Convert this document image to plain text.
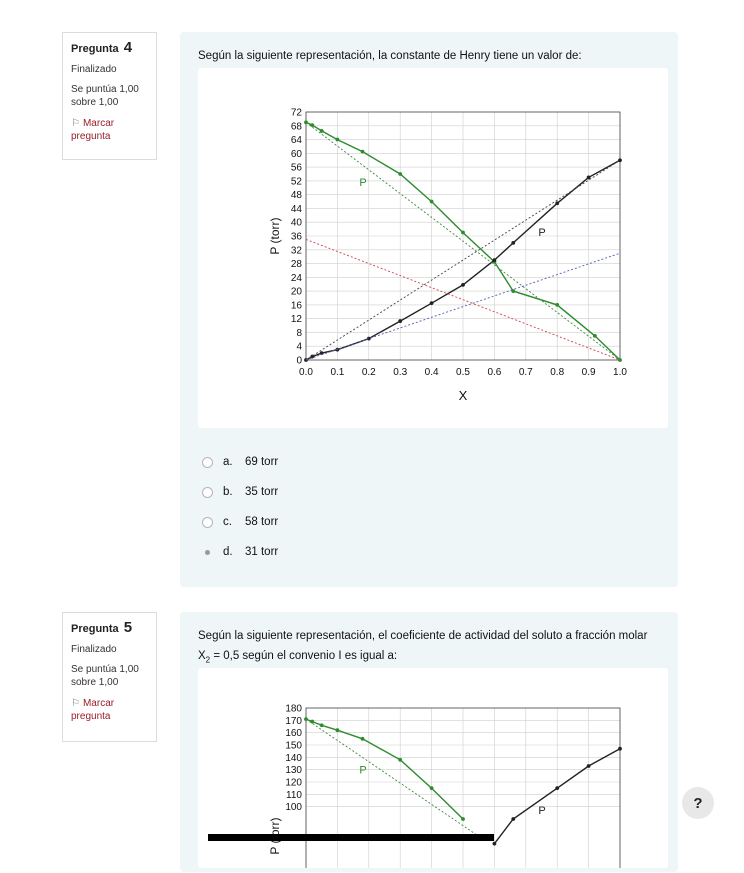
Pregunta 4
Finalizado
Se puntúa 1,00 sobre 1,00
⚐ Marcar pregunta
Según la siguiente representación, la constante de Henry tiene un valor de:
0
4
8
12
16
20
24
28
32
36
40
44
48
52
56
60
64
68
72
0.0 0.1 0.2 0.3 0.4 0.5 0.6 0.7 0.8 0.9 1.0
P
P
X
P (torr)
a.	69 torr
b.	35 torr
c.	58 torr
d.	31 torr
Pregunta 5
Finalizado
Se puntúa 1,00 sobre 1,00
⚐ Marcar pregunta
Según la siguiente representación, el coeficiente de actividad del soluto a fracción molar $X_2 = 0,5$ según el convenio I es igual a:
100
110
120
130
140
150
160
170
180
P
P	?
